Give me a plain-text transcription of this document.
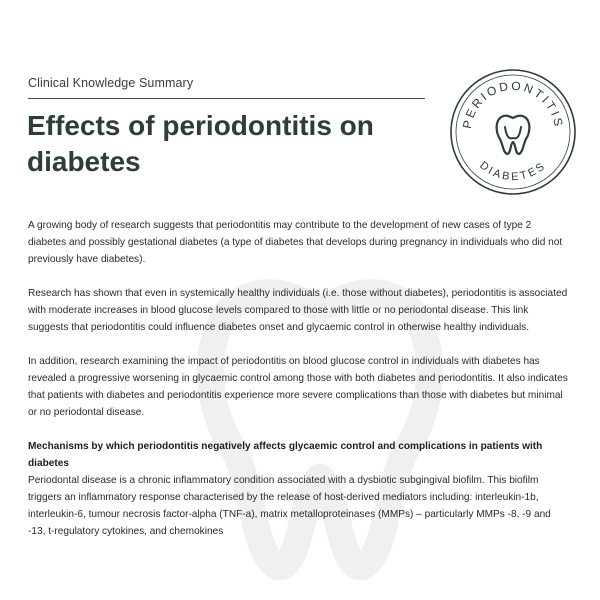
Clinical Knowledge Summary
Effects of periodontitis on diabetes
PERIODONTITIS
DIABETES

A growing body of research suggests that periodontitis may contribute to the development of new cases of type 2 diabetes and possibly gestational diabetes (a type of diabetes that develops during pregnancy in individuals who did not previously have diabetes).

Research has shown that even in systemically healthy individuals (i.e. those without diabetes), periodontitis is associated with moderate increases in blood glucose levels compared to those with little or no periodontal disease. This link suggests that periodontitis could influence diabetes onset and glycaemic control in otherwise healthy individuals.

In addition, research examining the impact of periodontitis on blood glucose control in individuals with diabetes has revealed a progressive worsening in glycaemic control among those with both diabetes and periodontitis. It also indicates that patients with diabetes and periodontitis experience more severe complications than those with diabetes but minimal or no periodontal disease.

Mechanisms by which periodontitis negatively affects glycaemic control and complications in patients with diabetes

Periodontal disease is a chronic inflammatory condition associated with a dysbiotic subgingival biofilm. This biofilm triggers an inflammatory response characterised by the release of host-derived mediators including: interleukin-1b, interleukin-6, tumour necrosis factor-alpha (TNF-a), matrix metalloproteinases (MMPs) – particularly MMPs -8, -9 and -13, t-regulatory cytokines, and chemokines
